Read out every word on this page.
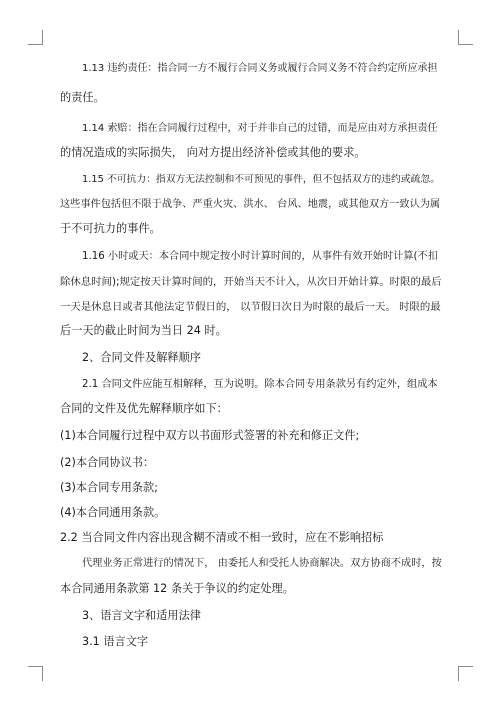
1.13 违约责任：指合同一方不履行合同义务或履行合同义务不符合约定所应承担
的责任。
1.14 索赔：指在合同履行过程中，对于并非自己的过错，而是应由对方承担责任
的情况造成的实际损失， 向对方提出经济补偿或其他的要求。
1.15 不可抗力：指双方无法控制和不可预见的事件，但不包括双方的违约或疏忽。
这些事件包括但不限于战争、严重火灾、洪水、 台风、地震，或其他双方一致认为属
于不可抗力的事件。
1.16 小时或天：本合同中规定按小时计算时间的，从事件有效开始时计算(不扣
除休息时间);规定按天计算时间的，开始当天不计入，从次日开始计算。时限的最后
一天是休息日或者其他法定节假日的， 以节假日次日为时限的最后一天。 时限的最
后一天的截止时间为当日 24 时。
2、合同文件及解释顺序
2.1 合同文件应能互相解释，互为说明。除本合同专用条款另有约定外，组成本
合同的文件及优先解释顺序如下：
(1)本合同履行过程中双方以书面形式签署的补充和修正文件;
(2)本合同协议书：
(3)本合同专用条款;
(4)本合同通用条款。
2.2 当合同文件内容出现含糊不清或不相一致时，应在不影响招标
代理业务正常进行的情况下， 由委托人和受托人协商解决。双方协商不成时，按
本合同通用条款第 12 条关于争议的约定处理。
3、语言文字和适用法律
3.1 语言文字
